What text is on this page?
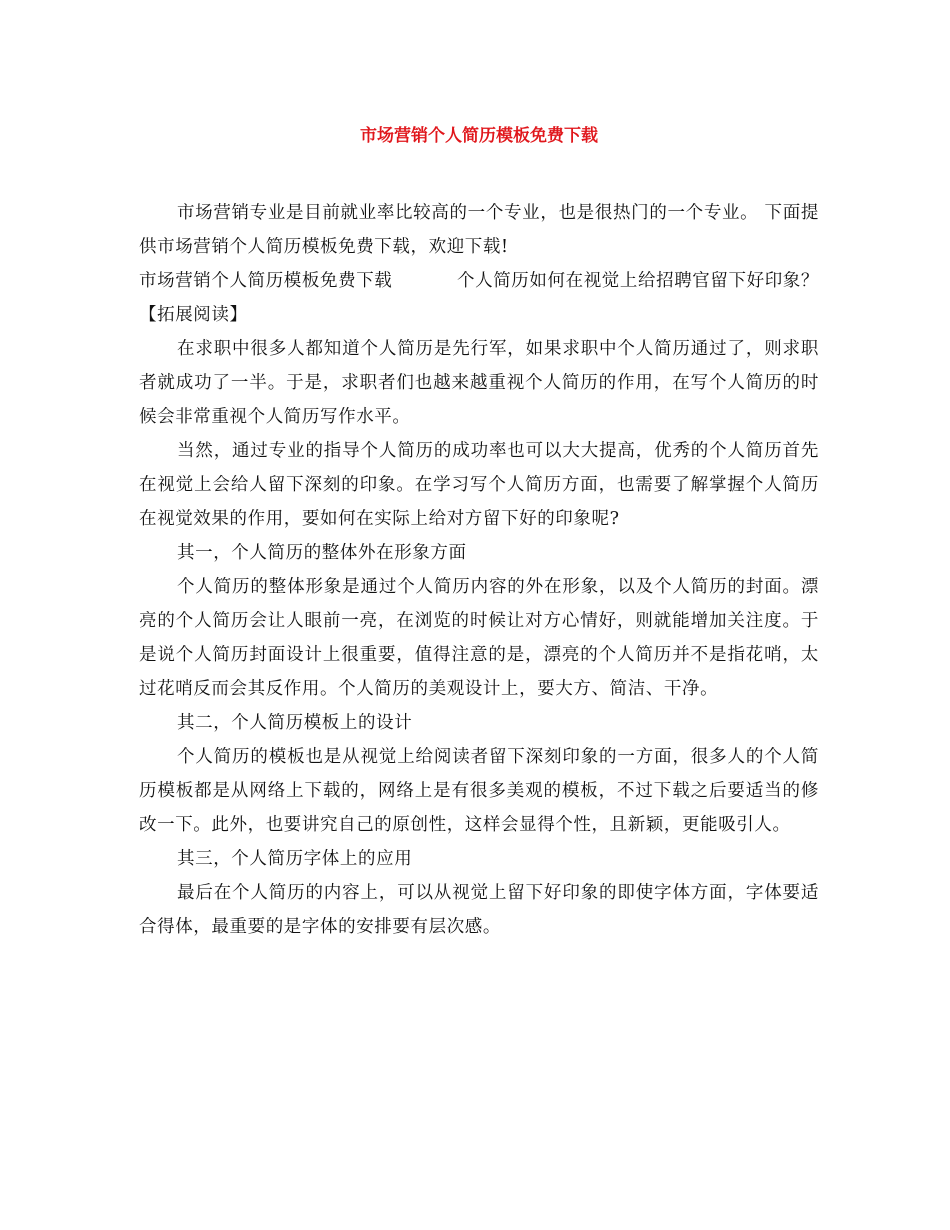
市场营销个人简历模板免费下载

市场营销专业是目前就业率比较高的一个专业，也是很热门的一个专业。 下面提供市场营销个人简历模板免费下载，欢迎下载!

市场营销个人简历模板免费下载	个人简历如何在视觉上给招聘官留下好印象？

【拓展阅读】

在求职中很多人都知道个人简历是先行军，如果求职中个人简历通过了，则求职者就成功了一半。于是，求职者们也越来越重视个人简历的作用，在写个人简历的时候会非常重视个人简历写作水平。

当然，通过专业的指导个人简历的成功率也可以大大提高，优秀的个人简历首先在视觉上会给人留下深刻的印象。在学习写个人简历方面，也需要了解掌握个人简历在视觉效果的作用，要如何在实际上给对方留下好的印象呢?

其一，个人简历的整体外在形象方面

个人简历的整体形象是通过个人简历内容的外在形象，以及个人简历的封面。漂亮的个人简历会让人眼前一亮，在浏览的时候让对方心情好，则就能增加关注度。于是说个人简历封面设计上很重要，值得注意的是，漂亮的个人简历并不是指花哨，太过花哨反而会其反作用。个人简历的美观设计上，要大方、简洁、干净。

其二，个人简历模板上的设计

个人简历的模板也是从视觉上给阅读者留下深刻印象的一方面，很多人的个人简历模板都是从网络上下载的，网络上是有很多美观的模板，不过下载之后要适当的修改一下。此外，也要讲究自己的原创性，这样会显得个性，且新颖，更能吸引人。

其三，个人简历字体上的应用

最后在个人简历的内容上，可以从视觉上留下好印象的即使字体方面，字体要适合得体，最重要的是字体的安排要有层次感。
